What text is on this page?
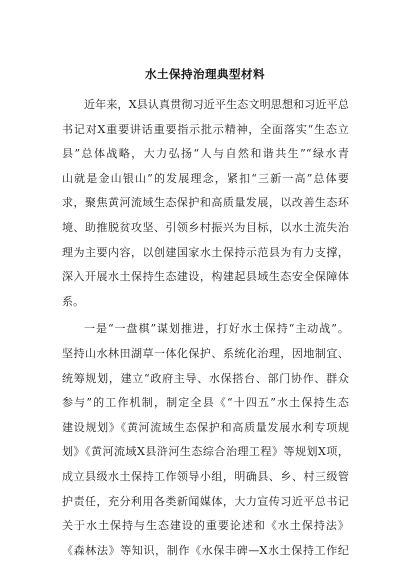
水土保持治理典型材料
近年来，X县认真贯彻习近平生态文明思想和习近平总
书记对X重要讲话重要指示批示精神，全面落实“生态立
县”总体战略，大力弘扬“人与自然和谐共生”“绿水青
山就是金山银山”的发展理念，紧扣“三新一高”总体要
求，聚焦黄河流域生态保护和高质量发展，以改善生态环
境、助推脱贫攻坚、引领乡村振兴为目标，以水土流失治
理为主要内容，以创建国家水土保持示范县为有力支撑，
深入开展水土保持生态建设，构建起县域生态安全保障体
系。
一是“一盘棋”谋划推进，打好水土保持“主动战”。
坚持山水林田湖草一体化保护、系统化治理，因地制宜、
统筹规划，建立“政府主导、水保搭台、部门协作、群众
参与”的工作机制，制定全县《“十四五”水土保持生态
建设规划》《黄河流域生态保护和高质量发展水利专项规
划》《黄河流域X县浒河生态综合治理工程》等规划X项，
成立县级水土保持工作领导小组，明确县、乡、村三级管
护责任，充分利用各类新闻媒体，大力宣传习近平总书记
关于水土保持与生态建设的重要论述和《水土保持法》
《森林法》等知识，制作《水保丰碑—X水土保持工作纪
